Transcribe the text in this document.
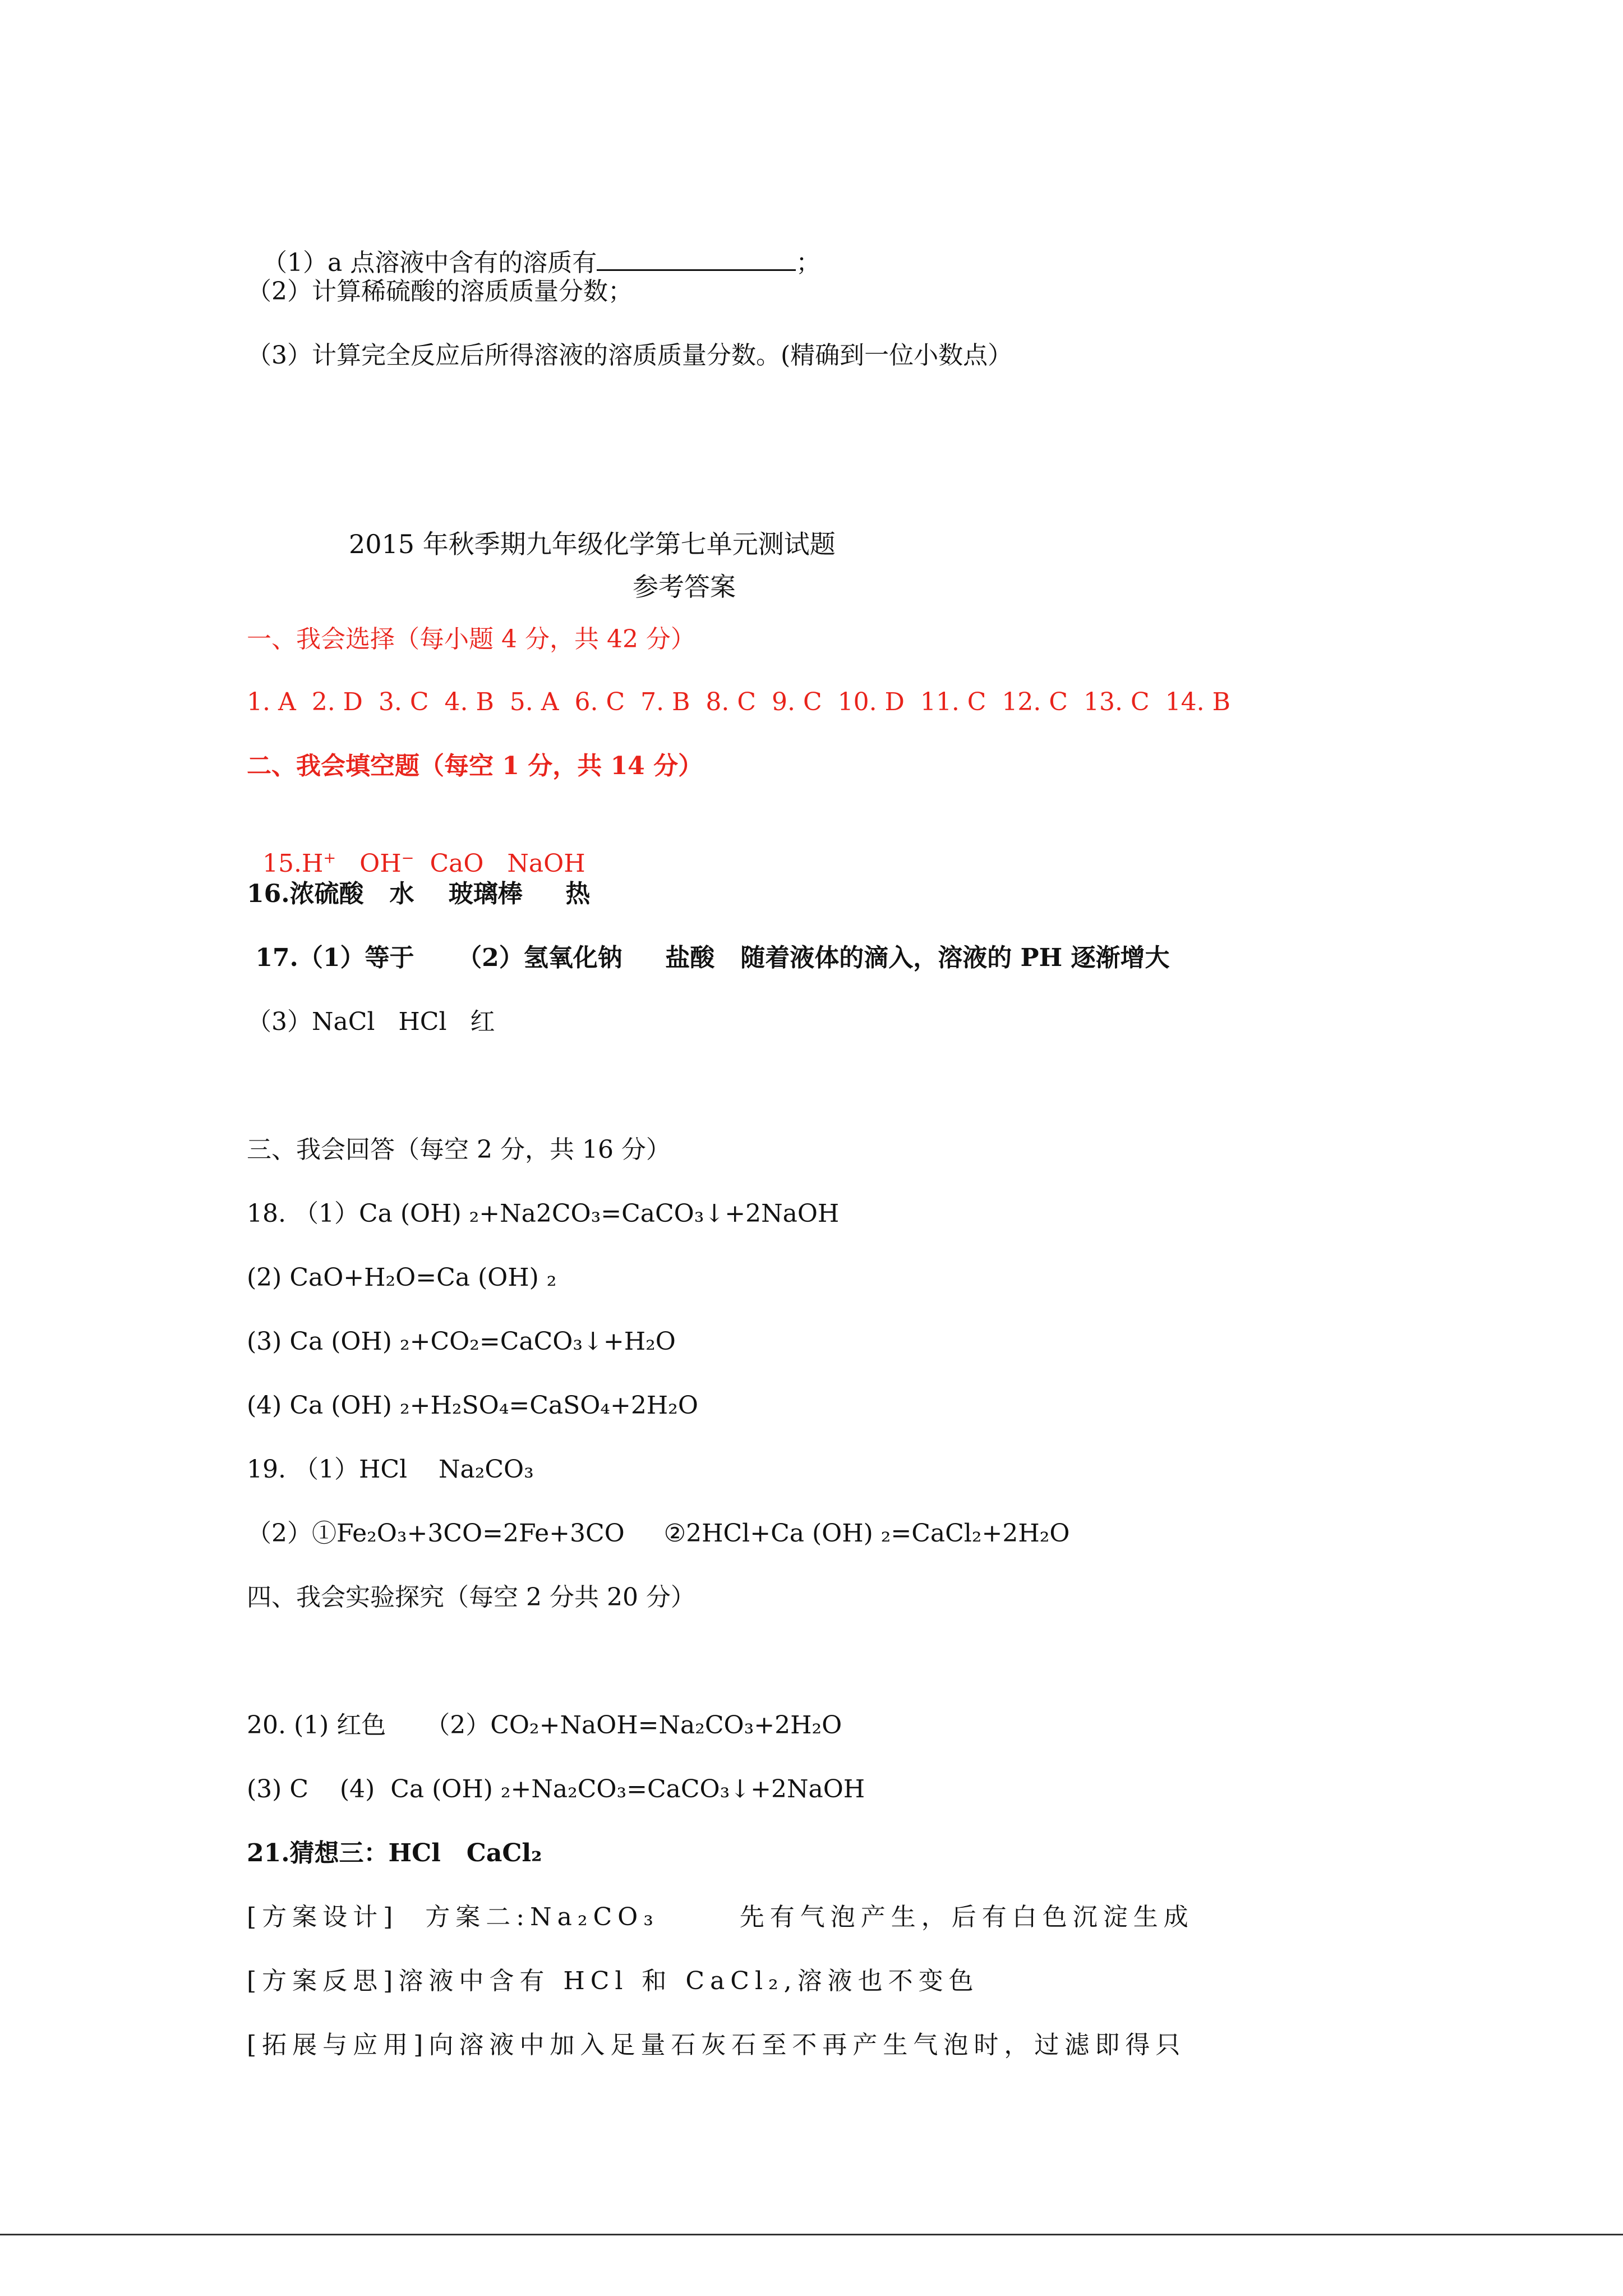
（1）a 点溶液中含有的溶质有	；

（2）计算稀硫酸的溶质质量分数；
（3）计算完全反应后所得溶液的溶质质量分数。(精确到一位小数点）
2015 年秋季期九年级化学第七单元测试题
参考答案
一、我会选择（每小题 4 分，共 42 分）
1. A  2. D  3. C  4. B  5. A  6. C  7. B  8. C  9. C  10. D  11. C  12. C  13. C  14. B
二、我会填空题（每空 1 分，共 14 分）

15.H+ OH−  CaO   NaOH

16.浓硫酸   水    玻璃棒     热
17.（1）等于     （2）氢氧化钠     盐酸   随着液体的滴入，溶液的 PH 逐渐增大
（3）NaCl   HCl   红
三、我会回答（每空 2 分，共 16 分）
18. （1）Ca (OH) ₂+Na2CO₃=CaCO₃↓+2NaOH
(2) CaO+H₂O=Ca (OH) ₂
(3) Ca (OH) ₂+CO₂=CaCO₃↓+H₂O
(4) Ca (OH) ₂+H₂SO₄=CaSO₄+2H₂O
19. （1）HCl    Na₂CO₃
（2）①Fe₂O₃+3CO=2Fe+3CO     ②2HCl+Ca (OH) ₂=CaCl₂+2H₂O
四、我会实验探究（每空 2 分共 20 分）
20. (1) 红色     （2）CO₂+NaOH=Na₂CO₃+2H₂O
(3) C    (4)  Ca (OH) ₂+Na₂CO₃=CaCO₃↓+2NaOH
21.猜想三：HCl   CaCl₂
[方案设计]  方案二:Na₂CO₃      先有气泡产生，后有白色沉淀生成
[方案反思]溶液中含有 HCl 和 CaCl₂,溶液也不变色
[拓展与应用]向溶液中加入足量石灰石至不再产生气泡时，过滤即得只
